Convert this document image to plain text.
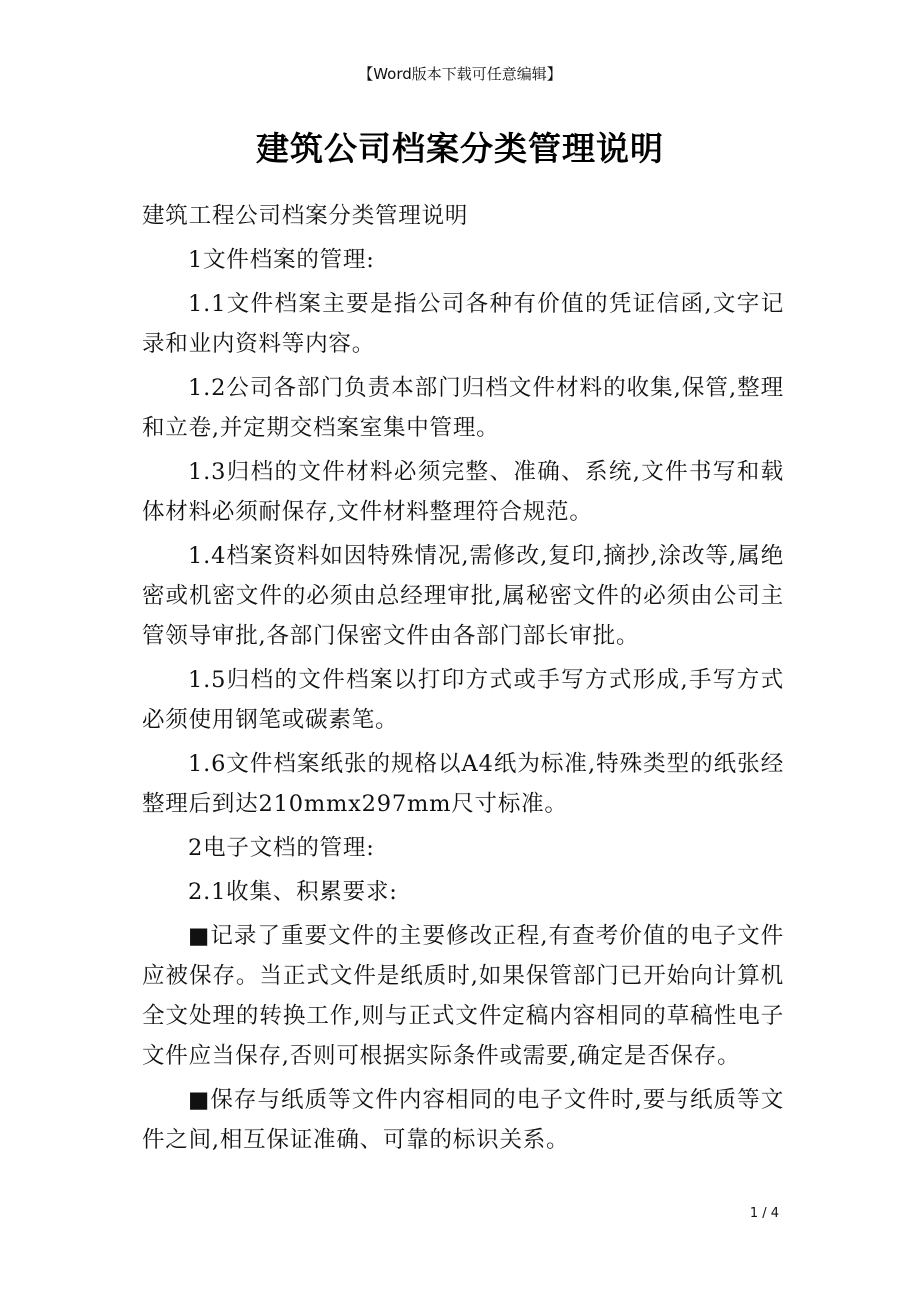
【Word版本下载可任意编辑】
建筑公司档案分类管理说明

建筑工程公司档案分类管理说明

1文件档案的管理:

1.1文件档案主要是指公司各种有价值的凭证信函,文字记录和业内资料等内容。

1.2公司各部门负责本部门归档文件材料的收集,保管,整理和立卷,并定期交档案室集中管理。

1.3归档的文件材料必须完整、准确、系统,文件书写和载体材料必须耐保存,文件材料整理符合规范。

1.4档案资料如因特殊情况,需修改,复印,摘抄,涂改等,属绝密或机密文件的必须由总经理审批,属秘密文件的必须由公司主管领导审批,各部门保密文件由各部门部长审批。

1.5归档的文件档案以打印方式或手写方式形成,手写方式必须使用钢笔或碳素笔。

1.6文件档案纸张的规格以A4纸为标准,特殊类型的纸张经整理后到达210mmx297mm尺寸标准。

2电子文档的管理:

2.1收集、积累要求:

■记录了重要文件的主要修改正程,有查考价值的电子文件应被保存。当正式文件是纸质时,如果保管部门已开始向计算机全文处理的转换工作,则与正式文件定稿内容相同的草稿性电子文件应当保存,否则可根据实际条件或需要,确定是否保存。

■保存与纸质等文件内容相同的电子文件时,要与纸质等文件之间,相互保证准确、可靠的标识关系。

1 / 4
